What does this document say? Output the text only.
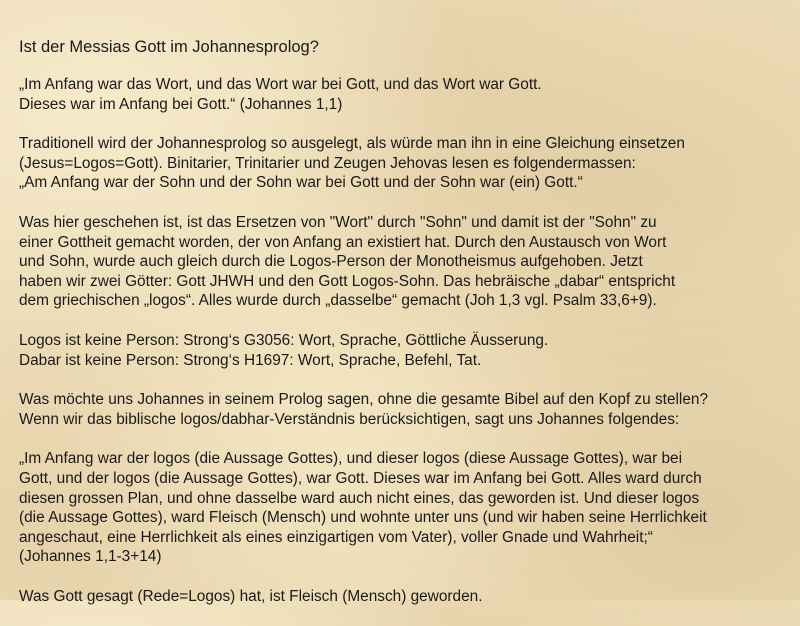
Ist der Messias Gott im Johannesprolog?
„Im Anfang war das Wort, und das Wort war bei Gott, und das Wort war Gott.
Dieses war im Anfang bei Gott.“ (Johannes 1,1)
Traditionell wird der Johannesprolog so ausgelegt, als würde man ihn in eine Gleichung einsetzen
(Jesus=Logos=Gott). Binitarier, Trinitarier und Zeugen Jehovas lesen es folgendermassen:
„Am Anfang war der Sohn und der Sohn war bei Gott und der Sohn war (ein) Gott.“
Was hier geschehen ist, ist das Ersetzen von "Wort" durch "Sohn" und damit ist der "Sohn" zu
einer Gottheit gemacht worden, der von Anfang an existiert hat. Durch den Austausch von Wort
und Sohn, wurde auch gleich durch die Logos-Person der Monotheismus aufgehoben. Jetzt
haben wir zwei Götter: Gott JHWH und den Gott Logos-Sohn. Das hebräische „dabar“ entspricht
dem griechischen „logos“. Alles wurde durch „dasselbe“ gemacht (Joh 1,3 vgl. Psalm 33,6+9).
Logos ist keine Person: Strong‘s G3056: Wort, Sprache, Göttliche Äusserung.
Dabar ist keine Person: Strong‘s H1697: Wort, Sprache, Befehl, Tat.
Was möchte uns Johannes in seinem Prolog sagen, ohne die gesamte Bibel auf den Kopf zu stellen?
Wenn wir das biblische logos/dabhar-Verständnis berücksichtigen, sagt uns Johannes folgendes:
„Im Anfang war der logos (die Aussage Gottes), und dieser logos (diese Aussage Gottes), war bei
Gott, und der logos (die Aussage Gottes), war Gott. Dieses war im Anfang bei Gott. Alles ward durch
diesen grossen Plan, und ohne dasselbe ward auch nicht eines, das geworden ist. Und dieser logos
(die Aussage Gottes), ward Fleisch (Mensch) und wohnte unter uns (und wir haben seine Herrlichkeit
angeschaut, eine Herrlichkeit als eines einzigartigen vom Vater), voller Gnade und Wahrheit;“
(Johannes 1,1-3+14)
Was Gott gesagt (Rede=Logos) hat, ist Fleisch (Mensch) geworden.
